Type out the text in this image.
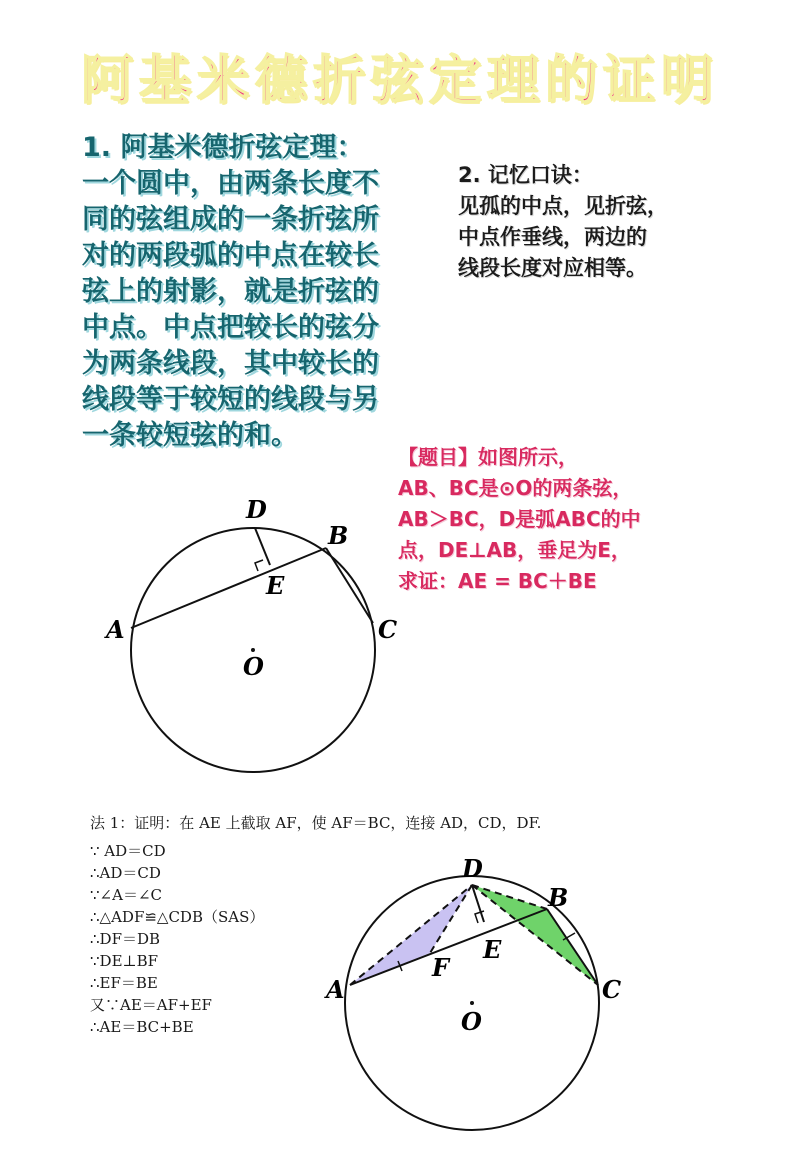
阿基米德折弦定理的证明
1. 阿基米德折弦定理：
一个圆中，由两条长度不
同的弦组成的一条折弦所
对的两段弧的中点在较长
弦上的射影，就是折弦的
中点。中点把较长的弦分
为两条线段，其中较长的
线段等于较短的线段与另
一条较短弦的和。
2. 记忆口诀：
见孤的中点，见折弦，
中点作垂线，两边的
线段长度对应相等。
【题目】如图所示，
AB、BC是⊙O的两条弦，
AB＞BC，D是弧ABC的中
点，DE⊥AB，垂足为E，
求证：AE = BC＋BE
D
B
E
A	C
O
D
B
E
F
A	C
O
法 1：证明：在 AE 上截取 AF，使 AF＝BC，连接 AD，CD，DF.
∵ AD＝CD
∴AD＝CD
∵∠A＝∠C
∴△ADF≌△CDB（SAS）
∴DF＝DB
∵DE⊥BF
∴EF＝BE
又∵AE＝AF+EF
∴AE＝BC+BE
